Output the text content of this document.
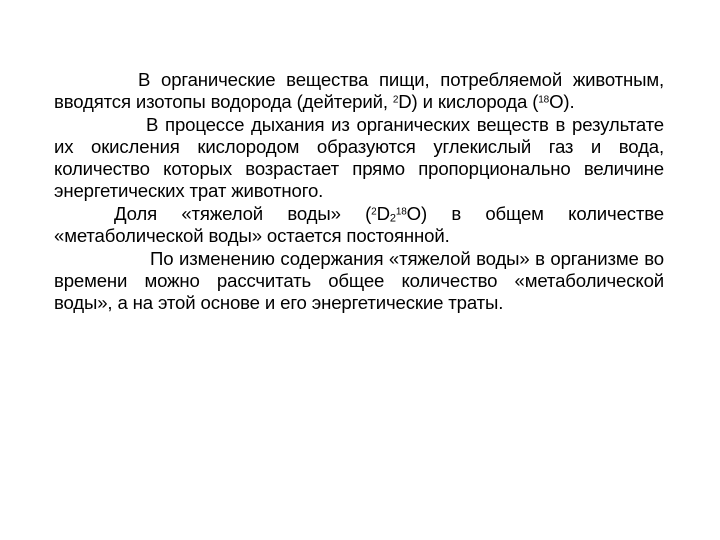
В органические вещества пищи, потребляемой животным, вводятся изотопы водорода (дейтерий, $^2$D) и кислорода ($^{18}$O).

В процессе дыхания из органических веществ в результате их окисления кислородом образуются углекислый газ и вода, количество которых возрастает прямо пропорционально величине энергетических трат животного.

Доля «тяжелой воды» $(^2D_2^{18}O)$ в общем количестве «метаболической воды» остается постоянной.

По изменению содержания «тяжелой воды» в организме во времени можно рассчитать общее количество «метаболической воды», а на этой основе и его энергетические траты.
